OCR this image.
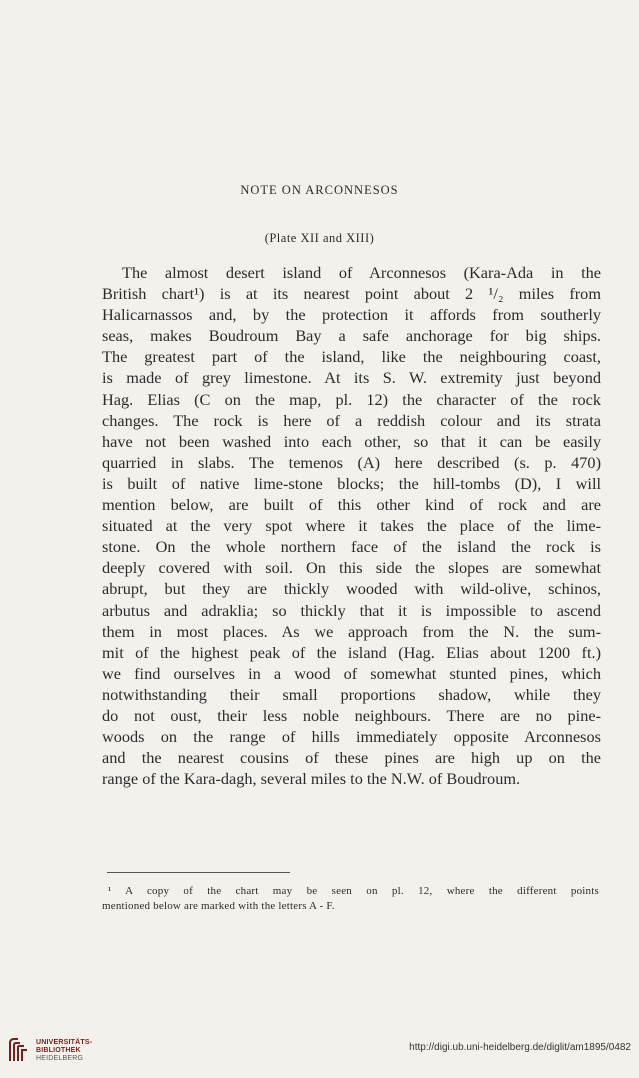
NOTE ON ARCONNESOS
(Plate XII and XIII)
The almost desert island of Arconnesos (Kara-Ada in the
British chart¹) is at its nearest point about 2 ¹/₂ miles from
Halicarnassos and, by the protection it affords from southerly
seas, makes Boudroum Bay a safe anchorage for big ships.
The greatest part of the island, like the neighbouring coast,
is made of grey limestone. At its S. W. extremity just beyond
Hag. Elias (C on the map, pl. 12) the character of the rock
changes. The rock is here of a reddish colour and its strata
have not been washed into each other, so that it can be easily
quarried in slabs. The temenos (A) here described (s. p. 470)
is built of native lime-stone blocks; the hill-tombs (D), I will
mention below, are built of this other kind of rock and are
situated at the very spot where it takes the place of the lime-
stone. On the whole northern face of the island the rock is
deeply covered with soil. On this side the slopes are somewhat
abrupt, but they are thickly wooded with wild-olive, schinos,
arbutus and adraklia; so thickly that it is impossible to ascend
them in most places. As we approach from the N. the sum-
mit of the highest peak of the island (Hag. Elias about 1200 ft.)
we find ourselves in a wood of somewhat stunted pines, which
notwithstanding their small proportions shadow, while they
do not oust, their less noble neighbours. There are no pine-
woods on the range of hills immediately opposite Arconnesos
and the nearest cousins of these pines are high up on the
range of the Kara-dagh, several miles to the N.W. of Boudroum.
¹ A copy of the chart may be seen on pl. 12, where the different points
mentioned below are marked with the letters A - F.
UNIVERSITÄTS-
BIBLIOTHEK
HEIDELBERG
http://digi.ub.uni-heidelberg.de/diglit/am1895/0482
